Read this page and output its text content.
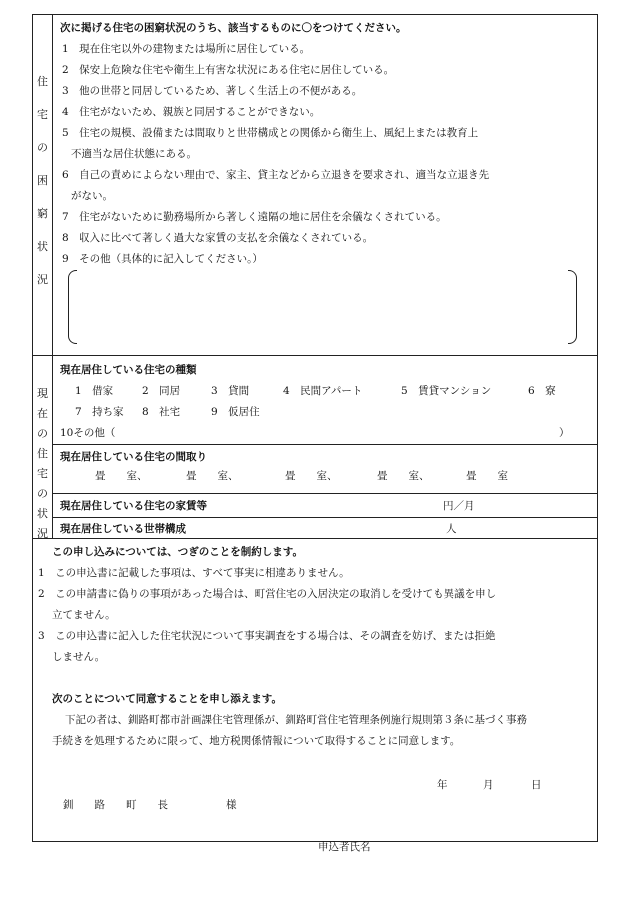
住
宅
の
困
窮
状
況
次に掲げる住宅の困窮状況のうち、該当するものに〇をつけてください。
1　現在住宅以外の建物または場所に居住している。
2　保安上危険な住宅や衛生上有害な状況にある住宅に居住している。
3　他の世帯と同居しているため、著しく生活上の不便がある。
4　住宅がないため、親族と同居することができない。
5　住宅の規模、設備または間取りと世帯構成との関係から衛生上、風紀上または教育上
不適当な居住状態にある。
6　自己の責めによらない理由で、家主、貸主などから立退きを要求され、適当な立退き先
がない。
7　住宅がないために勤務場所から著しく遠隔の地に居住を余儀なくされている。
8　収入に比べて著しく過大な家賃の支払を余儀なくされている。
9　その他（具体的に記入してください。）
現
在
の
住
宅
の
状
況
現在居住している住宅の種類
1　借家	2　同居	3　貸間	4　民間アパート	5　賃貸マンション	6　寮
7　持ち家 8　社宅	9　仮居住
10その他（	）
現在居住している住宅の間取り
畳　　室、	畳　　室、	畳　　室、	畳　　室、	畳　　室
現在居住している住宅の家賃等	円／月
現在居住している世帯構成	人
この申し込みについては、つぎのことを制約します。
1　この申込書に記載した事項は、すべて事実に相違ありません。
2　この申請書に偽りの事項があった場合は、町営住宅の入居決定の取消しを受けても異議を申し
立てません。
3　この申込書に記入した住宅状況について事実調査をする場合は、その調査を妨げ、または拒絶
しません。
次のことについて同意することを申し添えます。
下記の者は、釧路町都市計画課住宅管理係が、釧路町営住宅管理条例施行規則第３条に基づく事務
手続きを処理するために限って、地方税関係情報について取得することに同意します。
年	月	日
釧　　路　　町　　長	様
申込者氏名
